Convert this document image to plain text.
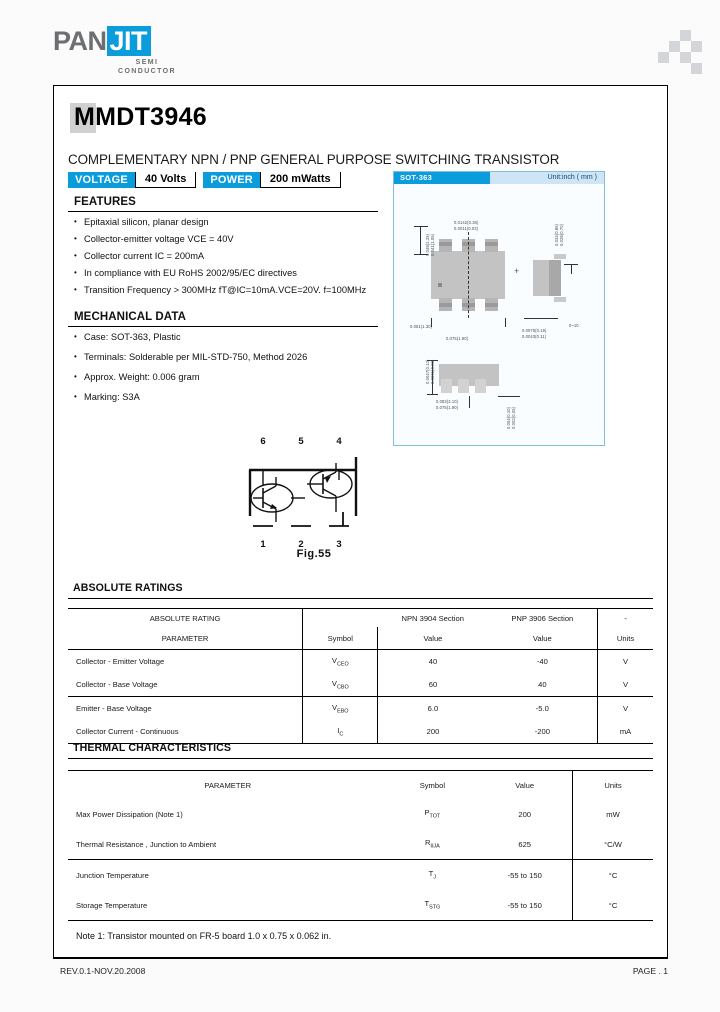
PAN JIT
SEMI
CONDUCTOR
MMDT3946
COMPLEMENTARY NPN / PNP GENERAL PURPOSE SWITCHING TRANSISTOR
VOLTAGE	40 Volts	POWER	200 mWatts
FEATURES
• Epitaxial silicon, planar design
• Collector-emitter voltage VCE = 40V
• Collector current IC = 200mA
• In compliance with EU RoHS 2002/95/EC directives
• Transition Frequency > 300MHz fT@IC=10mA.VCE=20V. f=100MHz
MECHANICAL DATA
• Case: SOT-363, Plastic
• Terminals: Solderable per MIL-STD-750, Method 2026
• Approx. Weight: 0.006 gram
• Marking: S3A
SOT-363	Unit:inch ( mm )
+
0.049(1.25) 0.041(1.05)
0.0142(0.36)
0.0011(0.03)
0.051(1.30)
0.075(1.90)
0.034(0.85) 0.028(0.70)
0.0075(0.19)
0.0043(0.11)
0.0091(0.23)
0.0047(0.12)
0.083(2.10)
0.075(1.90)	0.004(0.10) 0.002(0.05)
0~10
6	5	4
1	2	3
Fig.55
ABSOLUTE RATINGS
ABSOLUTE RATING		NPN 3904 Section	PNP 3906 Section	-
PARAMETER	Symbol	Value	Value	Units
Collector - Emitter Voltage	$V_{CEO}$	40	-40	V
Collector - Base Voltage	$V_{CBO}$	60	40	V
Emitter - Base Voltage	$V_{EBO}$	6.0	-5.0	V
Collector Current - Continuous	$I_C$	200	-200	mA
THERMAL CHARACTERISTICS
PARAMETER	Symbol	Value	Units
Max Power Dissipation (Note 1)	$P_{TOT}$	200	mW
Thermal Resistance , Junction to Ambient	$R_{\theta JA}$	625	°C/W
Junction Temperature	$T_J$	-55 to 150	°C
Storage Temperature	$T_{STG}$	-55 to 150	°C
Note 1: Transistor mounted on FR-5 board 1.0 x 0.75 x 0.062 in.
REV.0.1-NOV.20.2008	PAGE . 1
